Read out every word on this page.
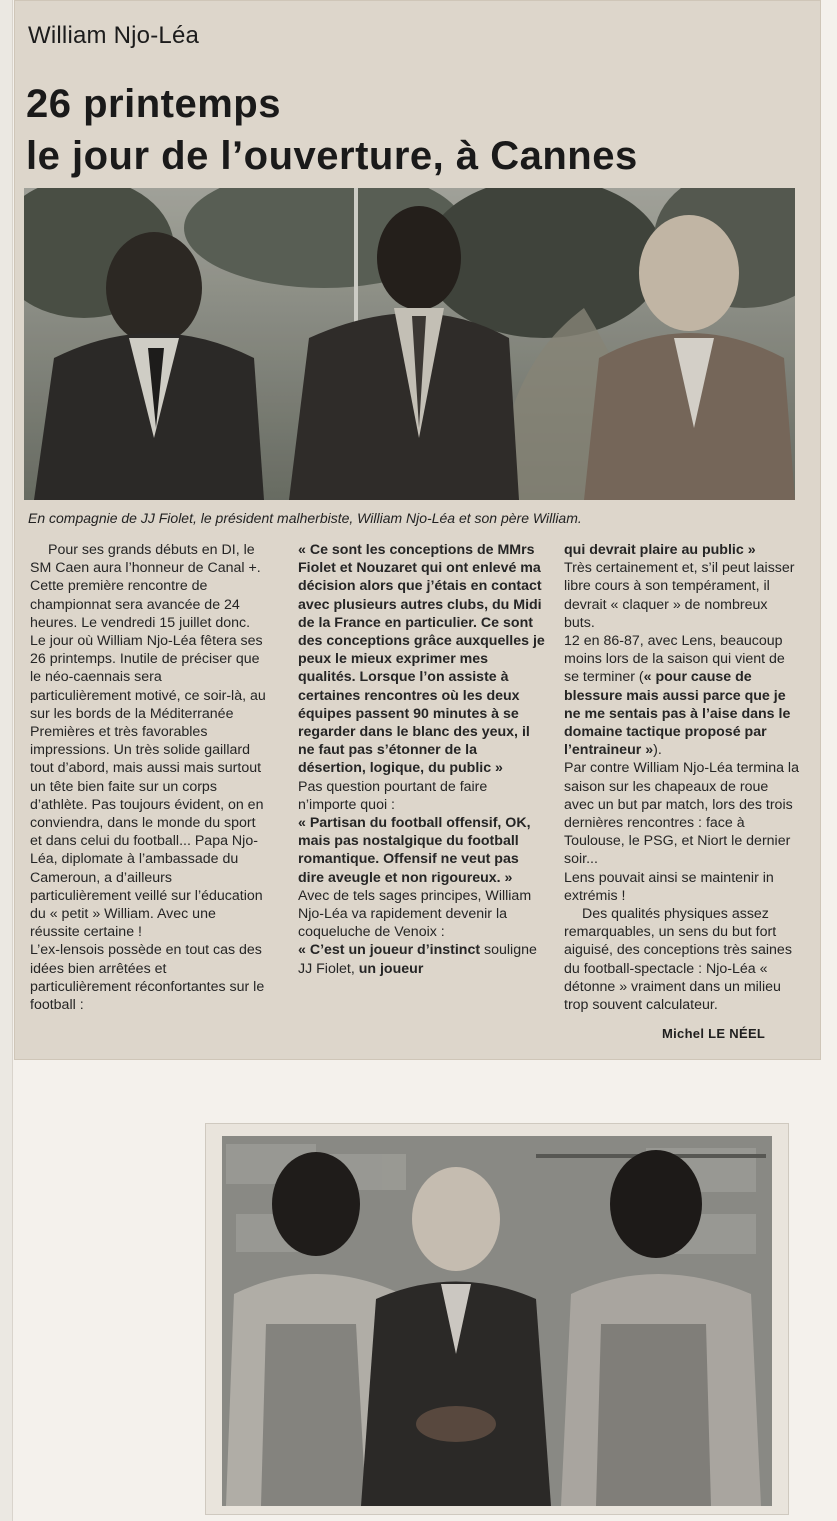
William Njo-Léa
26 printemps
le jour de l’ouverture, à Cannes
En compagnie de JJ Fiolet, le président malherbiste, William Njo-Léa et son père William.

Pour ses grands débuts en DI, le SM Caen aura l’honneur de Canal +. Cette première rencontre de championnat sera avancée de 24 heures. Le vendredi 15 juillet donc. Le jour où William Njo-Léa fêtera ses 26 printemps. Inutile de préciser que le néo-caennais sera particulièrement motivé, ce soir-là, au sur les bords de la Méditerranée

Premières et très favorables impressions. Un très solide gaillard tout d’abord, mais aussi mais surtout un tête bien faite sur un corps d’athlète. Pas toujours évident, on en conviendra, dans le monde du sport et dans celui du football... Papa Njo-Léa, diplomate à l’ambassade du Cameroun, a d’ailleurs particulièrement veillé sur l’éducation du « petit » William. Avec une réussite certaine !

L’ex-lensois possède en tout cas des idées bien arrêtées et particulièrement réconfortantes sur le football :

« Ce sont les conceptions de MMrs Fiolet et Nouzaret qui ont enlevé ma décision alors que j’étais en contact avec plusieurs autres clubs, du Midi de la France en particulier. Ce sont des conceptions grâce auxquelles je peux le mieux exprimer mes qualités. Lorsque l’on assiste à certaines rencontres où les deux équipes passent 90 minutes à se regarder dans le blanc des yeux, il ne faut pas s’étonner de la désertion, logique, du public »

Pas question pourtant de faire n’importe quoi :

« Partisan du football offensif, OK, mais pas nostalgique du football romantique. Offensif ne veut pas dire aveugle et non rigoureux. »

Avec de tels sages principes, William Njo-Léa va rapidement devenir la coqueluche de Venoix :

« C’est un joueur d’instinct souligne JJ Fiolet, un joueur

qui devrait plaire au public »

Très certainement et, s’il peut laisser libre cours à son tempérament, il devrait « claquer » de nombreux buts.

12 en 86-87, avec Lens, beaucoup moins lors de la saison qui vient de se terminer (« pour cause de blessure mais aussi parce que je ne me sentais pas à l’aise dans le domaine tactique proposé par l’entraineur »).

Par contre William Njo-Léa termina la saison sur les chapeaux de roue avec un but par match, lors des trois dernières rencontres : face à Toulouse, le PSG, et Niort le dernier soir...

Lens pouvait ainsi se maintenir in extrémis !

Des qualités physiques assez remarquables, un sens du but fort aiguisé, des conceptions très saines du football-spectacle : Njo-Léa « détonne » vraiment dans un milieu trop souvent calculateur.

Michel LE NÉEL
